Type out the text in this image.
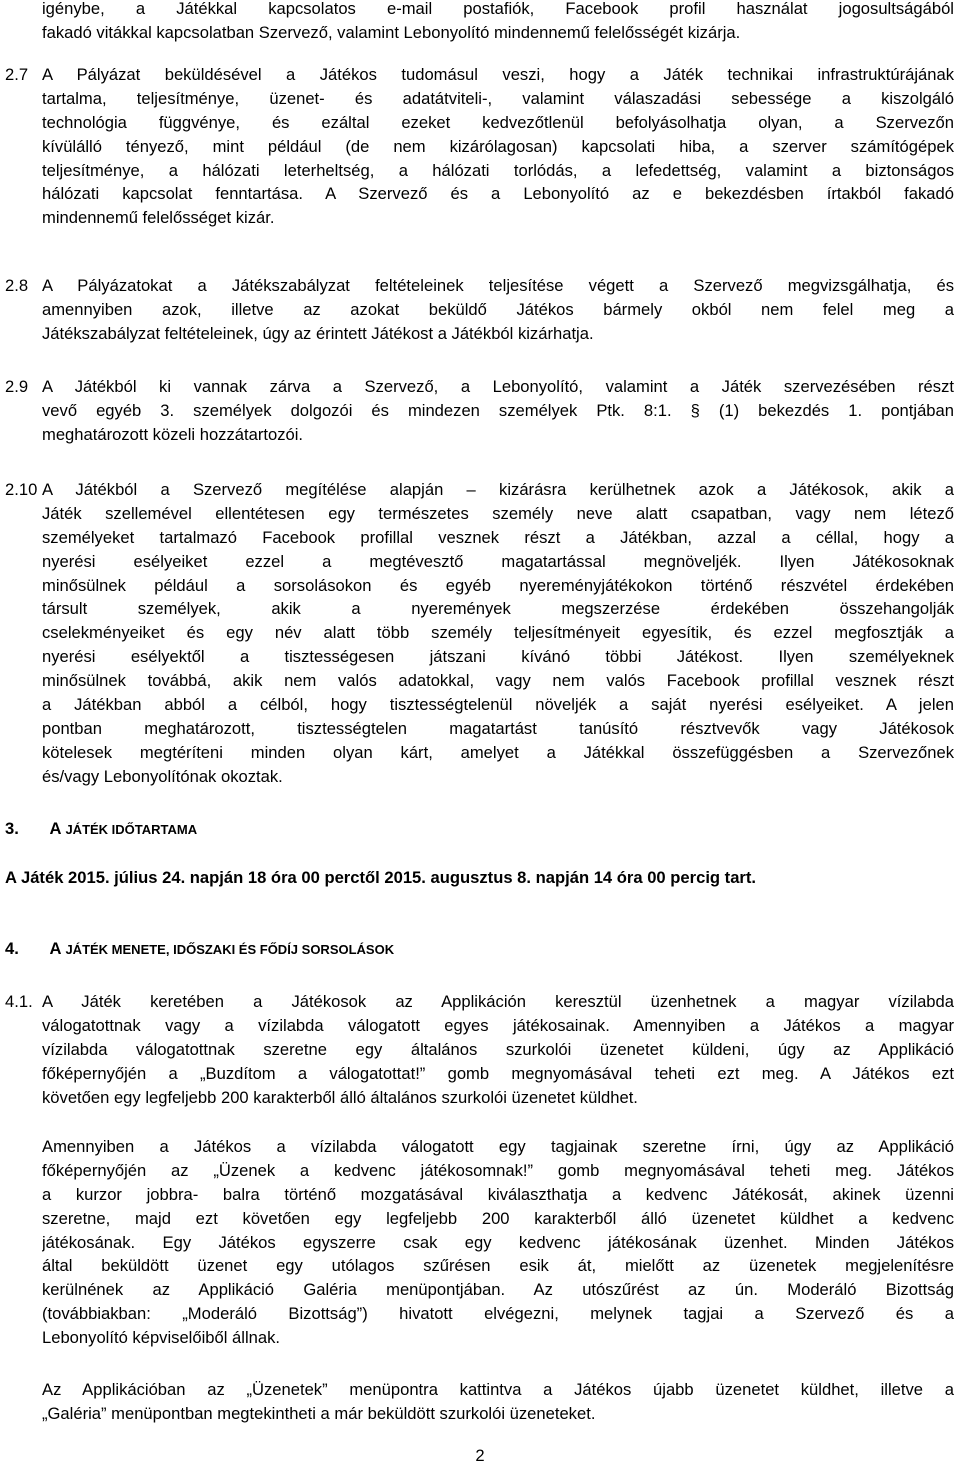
igénybe, a Játékkal kapcsolatos e-mail postafiók, Facebook profil használat jogosultságából
fakadó vitákkal kapcsolatban Szervező, valamint Lebonyolító mindennemű felelősségét kizárja.
2.7 A Pályázat beküldésével a Játékos tudomásul veszi, hogy a Játék technikai infrastruktúrájának
tartalma, teljesítménye, üzenet- és adatátviteli-, valamint válaszadási sebessége a kiszolgáló
technológia függvénye, és ezáltal ezeket kedvezőtlenül befolyásolhatja olyan, a Szervezőn
kívülálló tényező, mint például (de nem kizárólagosan) kapcsolati hiba, a szerver számítógépek
teljesítménye, a hálózati leterheltség, a hálózati torlódás, a lefedettség, valamint a biztonságos
hálózati kapcsolat fenntartása. A Szervező és a Lebonyolító az e bekezdésben írtakból fakadó
mindennemű felelősséget kizár.
2.8 A Pályázatokat a Játékszabályzat feltételeinek teljesítése végett a Szervező megvizsgálhatja, és
amennyiben azok, illetve az azokat beküldő Játékos bármely okból nem felel meg a
Játékszabályzat feltételeinek, úgy az érintett Játékost a Játékból kizárhatja.
2.9 A Játékból ki vannak zárva a Szervező, a Lebonyolító, valamint a Játék szervezésében részt
vevő egyéb 3. személyek dolgozói és mindezen személyek Ptk. 8:1. § (1) bekezdés 1. pontjában
meghatározott közeli hozzátartozói.
2.10 A Játékból a Szervező megítélése alapján – kizárásra kerülhetnek azok a Játékosok, akik a
Játék szellemével ellentétesen egy természetes személy neve alatt csapatban, vagy nem létező
személyeket tartalmazó Facebook profillal vesznek részt a Játékban, azzal a céllal, hogy a
nyerési esélyeiket ezzel a megtévesztő magatartással megnöveljék. Ilyen Játékosoknak
minősülnek például a sorsolásokon és egyéb nyereményjátékokon történő részvétel érdekében
társult személyek, akik a nyeremények megszerzése érdekében összehangolják
cselekményeiket és egy név alatt több személy teljesítményeit egyesítik, és ezzel megfosztják a
nyerési esélyektől a tisztességesen játszani kívánó többi Játékost. Ilyen személyeknek
minősülnek továbbá, akik nem valós adatokkal, vagy nem valós Facebook profillal vesznek részt
a Játékban abból a célból, hogy tisztességtelenül növeljék a saját nyerési esélyeiket. A jelen
pontban meghatározott, tisztességtelen magatartást tanúsító résztvevők vagy Játékosok
kötelesek megtéríteni minden olyan kárt, amelyet a Játékkal összefüggésben a Szervezőnek
és/vagy Lebonyolítónak okoztak.
3. A JÁTÉK IDŐTARTAMA
A Játék 2015. július 24. napján 18 óra 00 perctől 2015. augusztus 8. napján 14 óra 00 percig tart.
4. A JÁTÉK MENETE, IDŐSZAKI ÉS FŐDÍJ SORSOLÁSOK
4.1. A Játék keretében a Játékosok az Applikáción keresztül üzenhetnek a magyar vízilabda
válogatottnak vagy a vízilabda válogatott egyes játékosainak. Amennyiben a Játékos a magyar
vízilabda válogatottnak szeretne egy általános szurkolói üzenetet küldeni, úgy az Applikáció
főképernyőjén a „Buzdítom a válogatottat!” gomb megnyomásával teheti ezt meg. A Játékos ezt
követően egy legfeljebb 200 karakterből álló általános szurkolói üzenetet küldhet.
Amennyiben a Játékos a vízilabda válogatott egy tagjainak szeretne írni, úgy az Applikáció
főképernyőjén az „Üzenek a kedvenc játékosomnak!” gomb megnyomásával teheti meg. Játékos
a kurzor jobbra- balra történő mozgatásával kiválaszthatja a kedvenc Játékosát, akinek üzenni
szeretne, majd ezt követően egy legfeljebb 200 karakterből álló üzenetet küldhet a kedvenc
játékosának. Egy Játékos egyszerre csak egy kedvenc játékosának üzenhet. Minden Játékos
által beküldött üzenet egy utólagos szűrésen esik át, mielőtt az üzenetek megjelenítésre
kerülnének az Applikáció Galéria menüpontjában. Az utószűrést az ún. Moderáló Bizottság
(továbbiakban: „Moderáló Bizottság”) hivatott elvégezni, melynek tagjai a Szervező és a
Lebonyolító képviselőiből állnak.
Az Applikációban az „Üzenetek” menüpontra kattintva a Játékos újabb üzenetet küldhet, illetve a
„Galéria” menüpontban megtekintheti a már beküldött szurkolói üzeneteket.
2
